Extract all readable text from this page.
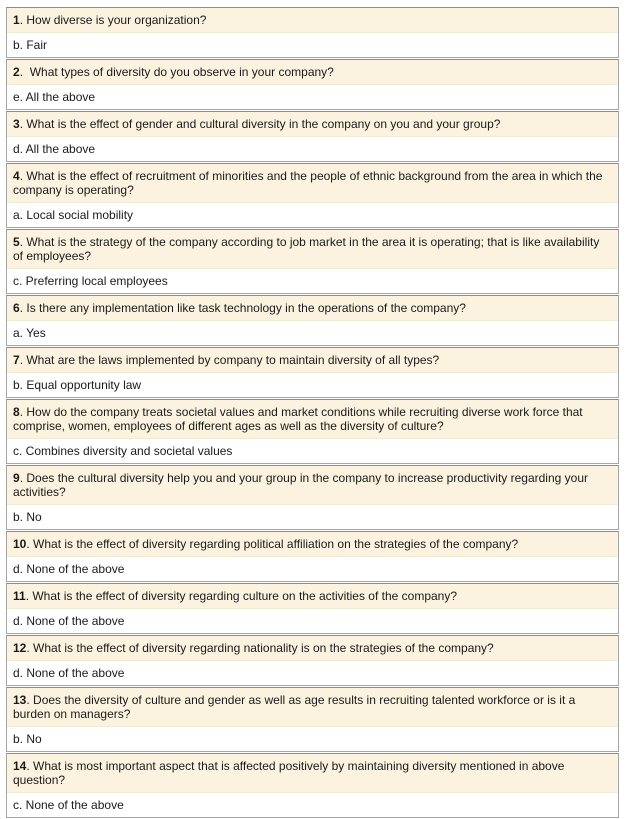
1. How diverse is your organization?
b. Fair
2.  What types of diversity do you observe in your company?
e. All the above
3. What is the effect of gender and cultural diversity in the company on you and your group?
d. All the above
4. What is the effect of recruitment of minorities and the people of ethnic background from the area in which the company is operating?
a. Local social mobility
5. What is the strategy of the company according to job market in the area it is operating; that is like availability of employees?
c. Preferring local employees
6. Is there any implementation like task technology in the operations of the company?
a. Yes
7. What are the laws implemented by company to maintain diversity of all types?
b. Equal opportunity law
8. How do the company treats societal values and market conditions while recruiting diverse work force that comprise, women, employees of different ages as well as the diversity of culture?
c. Combines diversity and societal values
9. Does the cultural diversity help you and your group in the company to increase productivity regarding your activities?
b. No
10. What is the effect of diversity regarding political affiliation on the strategies of the company?
d. None of the above
11. What is the effect of diversity regarding culture on the activities of the company?
d. None of the above
12. What is the effect of diversity regarding nationality is on the strategies of the company?
d. None of the above
13. Does the diversity of culture and gender as well as age results in recruiting talented workforce or is it a burden on managers?
b. No
14. What is most important aspect that is affected positively by maintaining diversity mentioned in above question?
c. None of the above
